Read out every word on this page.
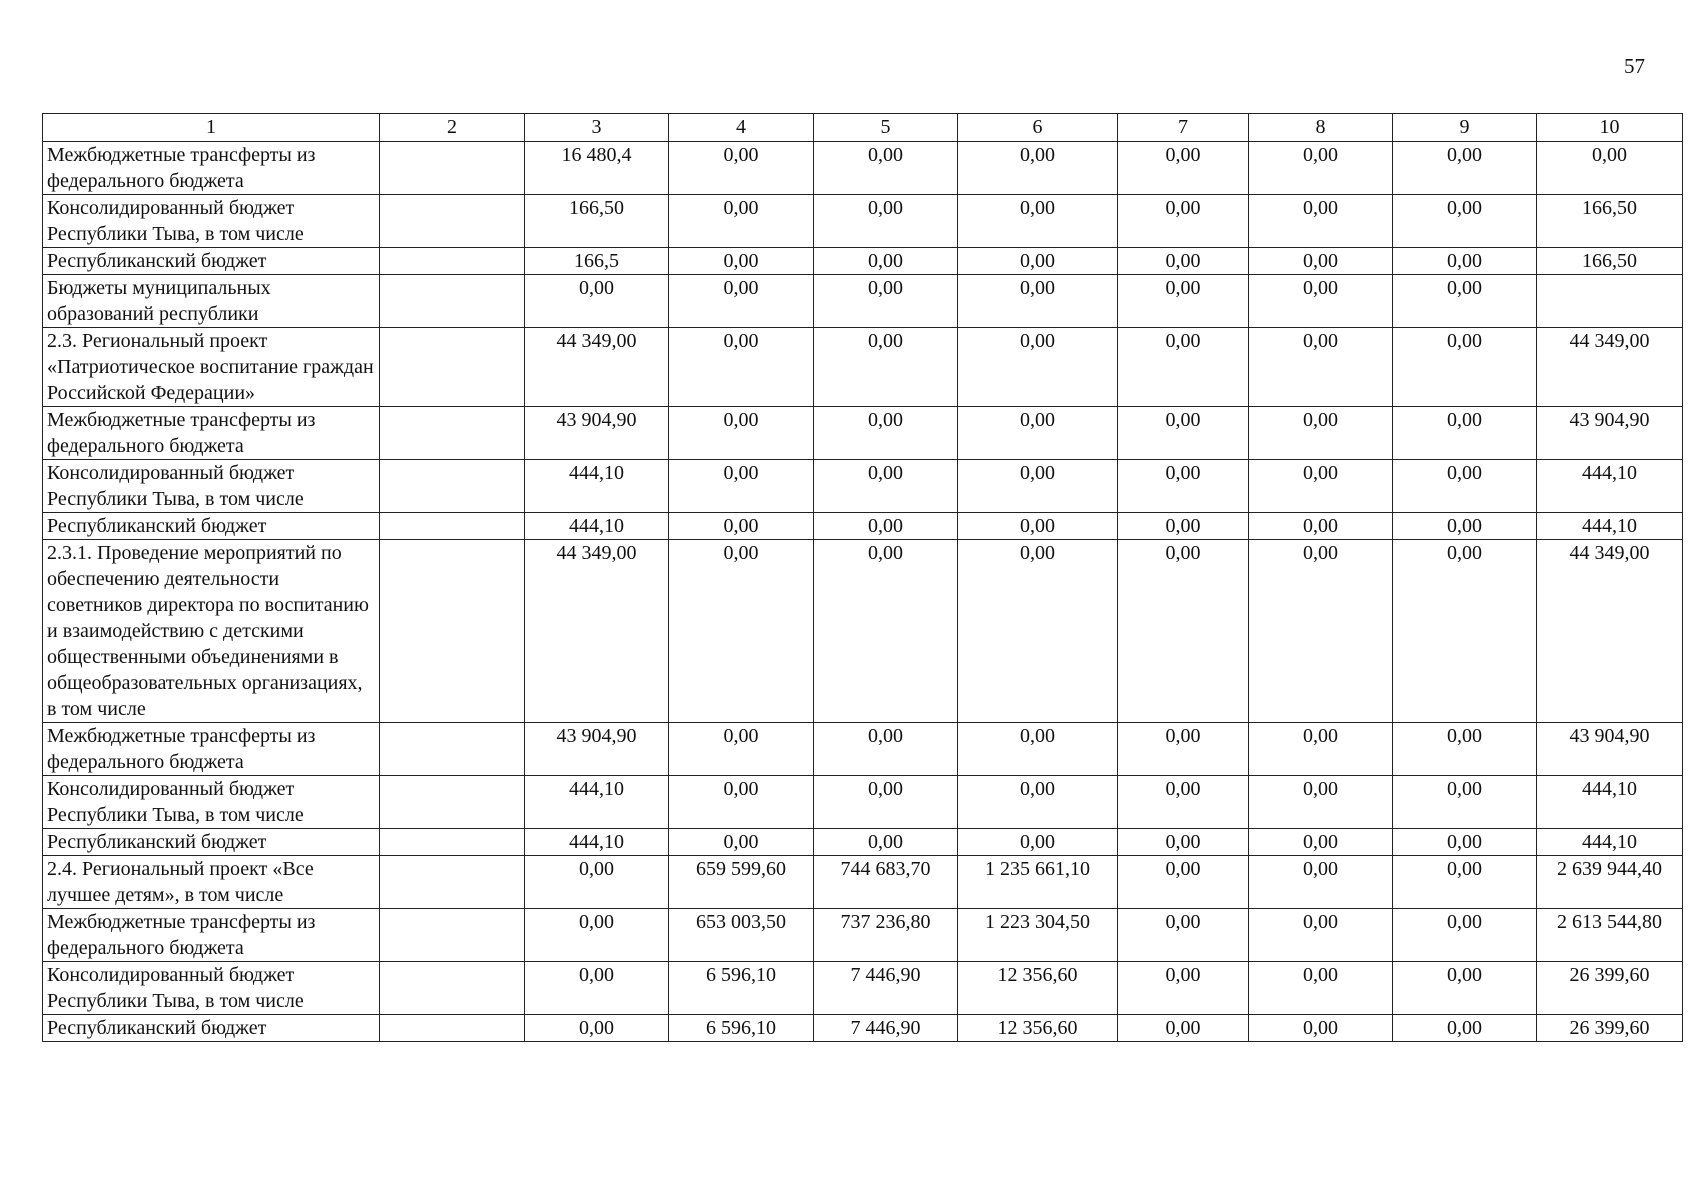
57
1	2	3	4	5	6	7	8	9	10
Межбюджетные трансферты из федерального бюджета		16 480,4	0,00	0,00	0,00	0,00	0,00	0,00	0,00
Консолидированный бюджет Республики Тыва, в том числе		166,50	0,00	0,00	0,00	0,00	0,00	0,00	166,50
Республиканский бюджет		166,5	0,00	0,00	0,00	0,00	0,00	0,00	166,50
Бюджеты муниципальных образований республики		0,00	0,00	0,00	0,00	0,00	0,00	0,00	
2.3. Региональный проект «Патриотическое воспитание граждан Российской Федерации»		44 349,00	0,00	0,00	0,00	0,00	0,00	0,00	44 349,00
Межбюджетные трансферты из федерального бюджета		43 904,90	0,00	0,00	0,00	0,00	0,00	0,00	43 904,90
Консолидированный бюджет Республики Тыва, в том числе		444,10	0,00	0,00	0,00	0,00	0,00	0,00	444,10
Республиканский бюджет		444,10	0,00	0,00	0,00	0,00	0,00	0,00	444,10
2.3.1. Проведение мероприятий по обеспечению деятельности советников директора по воспитанию и взаимодействию с детскими общественными объединениями в общеобразовательных организациях, в том числе		44 349,00	0,00	0,00	0,00	0,00	0,00	0,00	44 349,00
Межбюджетные трансферты из федерального бюджета		43 904,90	0,00	0,00	0,00	0,00	0,00	0,00	43 904,90
Консолидированный бюджет Республики Тыва, в том числе		444,10	0,00	0,00	0,00	0,00	0,00	0,00	444,10
Республиканский бюджет		444,10	0,00	0,00	0,00	0,00	0,00	0,00	444,10
2.4. Региональный проект «Все лучшее детям», в том числе		0,00	659 599,60	744 683,70	1 235 661,10	0,00	0,00	0,00	2 639 944,40
Межбюджетные трансферты из федерального бюджета		0,00	653 003,50	737 236,80	1 223 304,50	0,00	0,00	0,00	2 613 544,80
Консолидированный бюджет Республики Тыва, в том числе		0,00	6 596,10	7 446,90	12 356,60	0,00	0,00	0,00	26 399,60
Республиканский бюджет		0,00	6 596,10	7 446,90	12 356,60	0,00	0,00	0,00	26 399,60
